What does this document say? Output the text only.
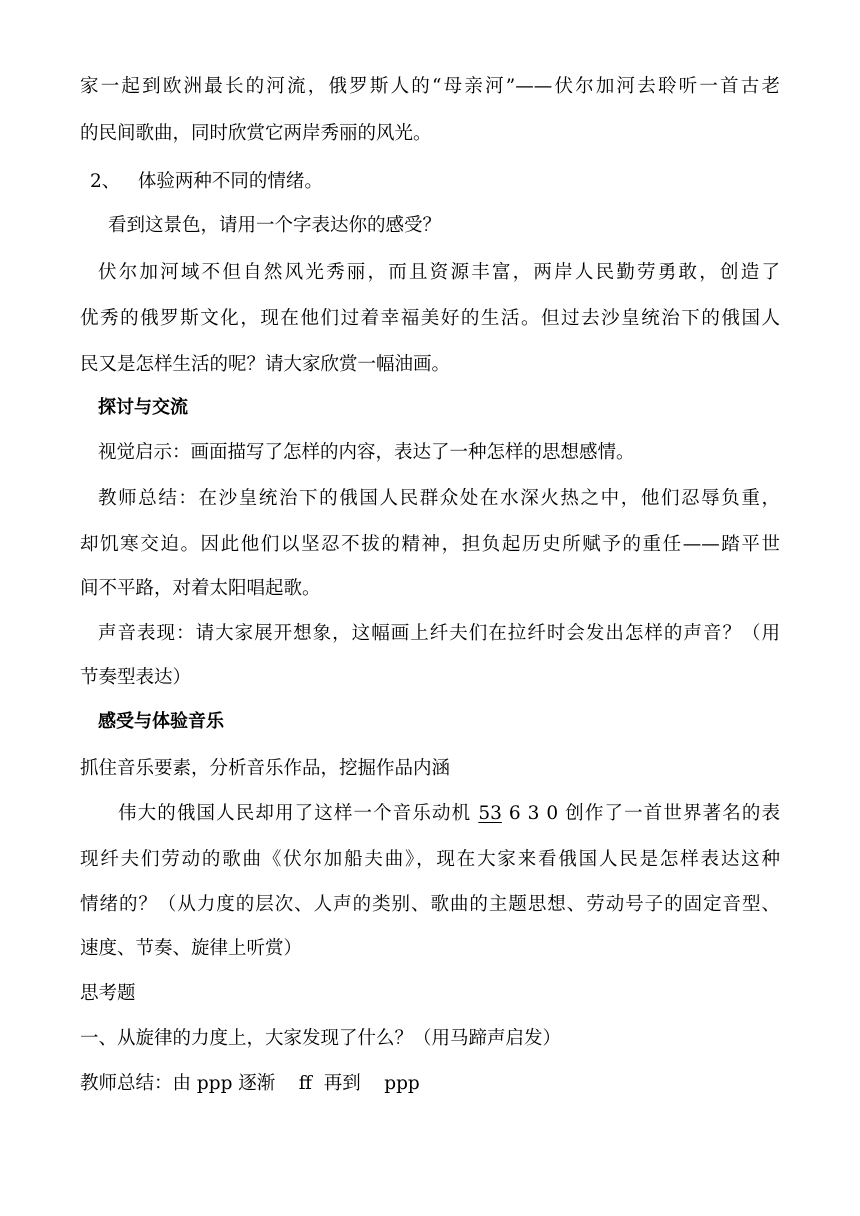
家一起到欧洲最长的河流，俄罗斯人的“母亲河”——伏尔加河去聆听一首古老
的民间歌曲，同时欣赏它两岸秀丽的风光。
2、   体验两种不同的情绪。
看到这景色，请用一个字表达你的感受？
伏尔加河域不但自然风光秀丽，而且资源丰富，两岸人民勤劳勇敢，创造了
优秀的俄罗斯文化，现在他们过着幸福美好的生活。但过去沙皇统治下的俄国人
民又是怎样生活的呢？请大家欣赏一幅油画。
探讨与交流
视觉启示：画面描写了怎样的内容，表达了一种怎样的思想感情。
教师总结：在沙皇统治下的俄国人民群众处在水深火热之中，他们忍辱负重，
却饥寒交迫。因此他们以坚忍不拔的精神，担负起历史所赋予的重任——踏平世
间不平路，对着太阳唱起歌。
声音表现：请大家展开想象，这幅画上纤夫们在拉纤时会发出怎样的声音？（用
节奏型表达）
感受与体验音乐
抓住音乐要素，分析音乐作品，挖掘作品内涵
伟大的俄国人民却用了这样一个音乐动机 53 6 3 0 创作了一首世界著名的表
现纤夫们劳动的歌曲《伏尔加船夫曲》，现在大家来看俄国人民是怎样表达这种
情绪的？（从力度的层次、人声的类别、歌曲的主题思想、劳动号子的固定音型、
速度、节奏、旋律上听赏）
思考题
一、从旋律的力度上，大家发现了什么？（用马蹄声启发）
教师总结：由 ppp 逐渐    ff  再到    ppp
